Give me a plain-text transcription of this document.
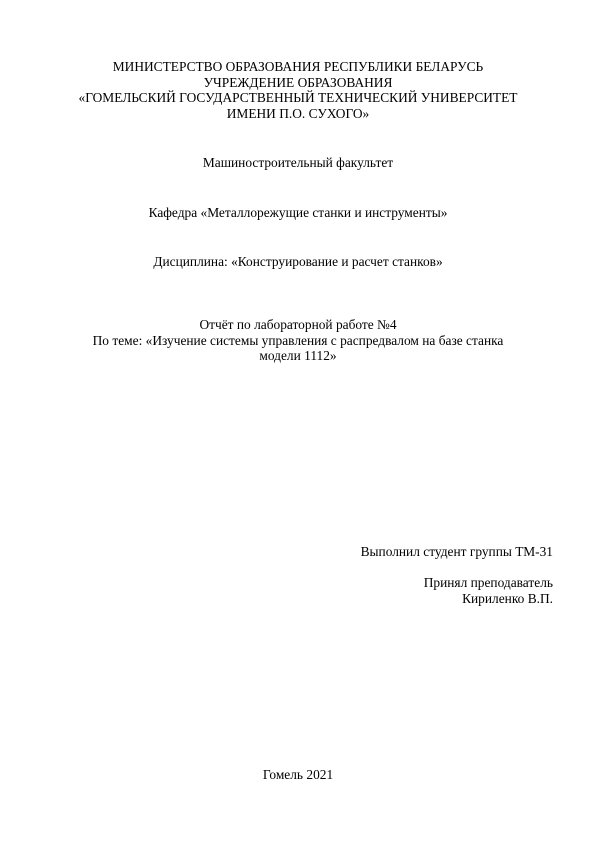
МИНИСТЕРСТВО ОБРАЗОВАНИЯ РЕСПУБЛИКИ БЕЛАРУСЬ
УЧРЕЖДЕНИЕ ОБРАЗОВАНИЯ
«ГОМЕЛЬСКИЙ ГОСУДАРСТВЕННЫЙ ТЕХНИЧЕСКИЙ УНИВЕРСИТЕТ
ИМЕНИ П.О. СУХОГО»
Машиностроительный факультет
Кафедра «Металлорежущие станки и инструменты»
Дисциплина: «Конструирование и расчет станков»
Отчёт по лабораторной работе №4
По теме: «Изучение системы управления с распредвалом на базе станка
модели 1112»
Выполнил студент группы ТМ-31
Принял преподаватель
Кириленко В.П.
Гомель 2021
